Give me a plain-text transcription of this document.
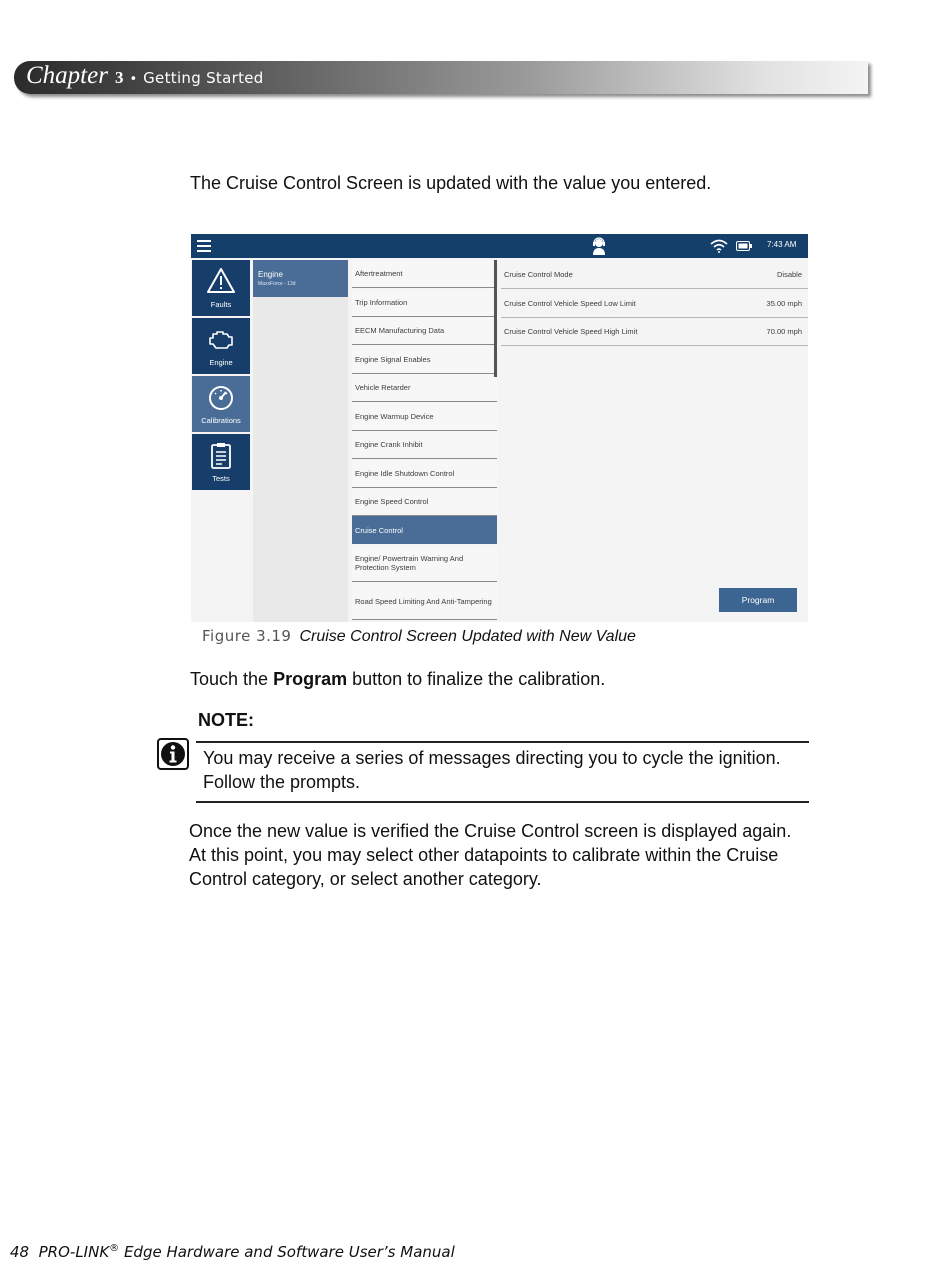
Chapter 3 • Getting Started
The Cruise Control Screen is updated with the value you entered.
7:43 AM
Faults
Engine
Calibrations
Tests
Engine
MaxxForce - 13d
Aftertreatment
Trip Information
EECM Manufacturing Data
Engine Signal Enables
Vehicle Retarder
Engine Warmup Device
Engine Crank Inhibit
Engine Idle Shutdown Control
Engine Speed Control
Cruise Control
Engine/ Powertrain Warning And Protection System
Road Speed Limiting And Anti-Tampering
Cruise Control Mode	Disable
Cruise Control Vehicle Speed Low Limit	35.00 mph
Cruise Control Vehicle Speed High Limit	70.00 mph
Program
Figure 3.19 Cruise Control Screen Updated with New Value
Touch the Program button to finalize the calibration.
NOTE:
You may receive a series of messages directing you to cycle the ignition.
Follow the prompts.
Once the new value is verified the Cruise Control screen is displayed again.
At this point, you may select other datapoints to calibrate within the Cruise
Control category, or select another category.
48 PRO-LINK® Edge Hardware and Software User’s Manual
